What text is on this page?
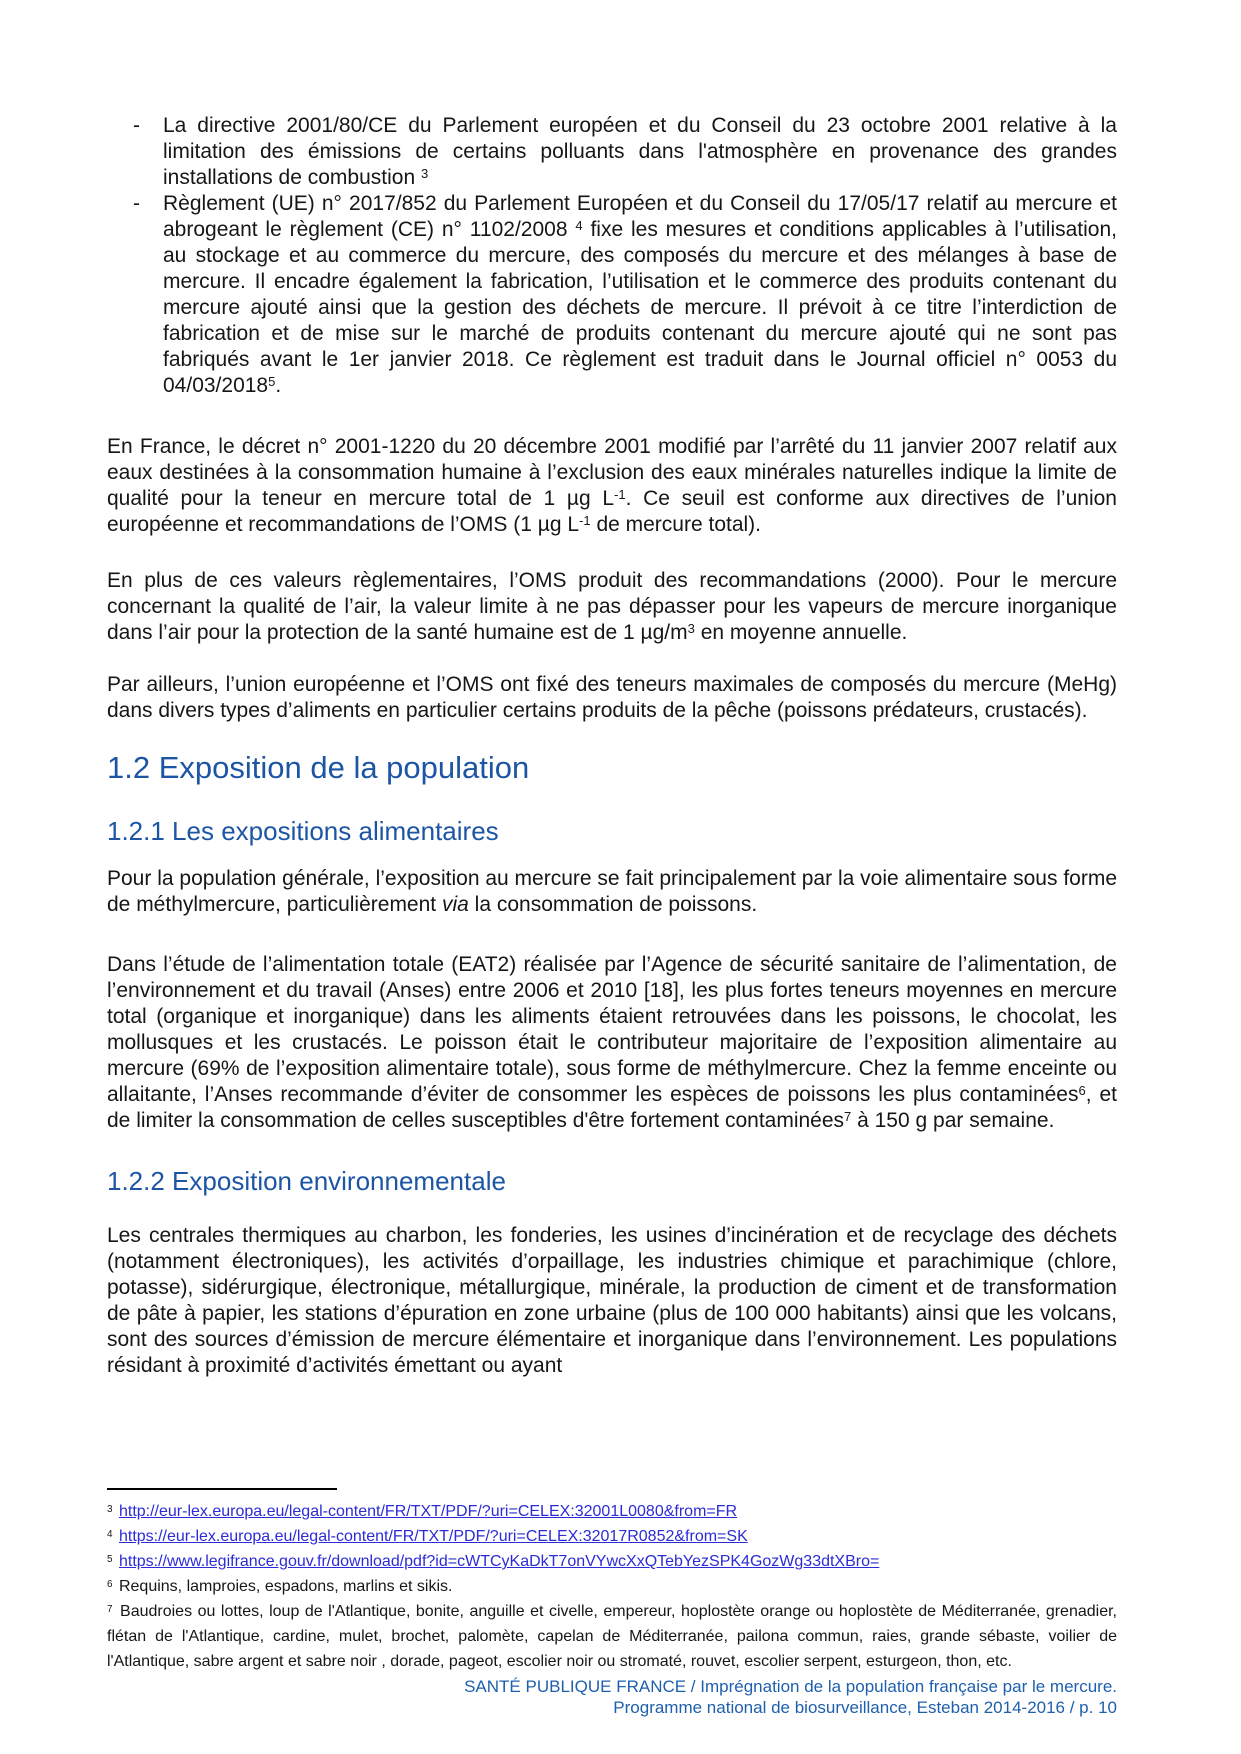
- La directive 2001/80/CE du Parlement européen et du Conseil du 23 octobre 2001 relative à la limitation des émissions de certains polluants dans l'atmosphère en provenance des grandes installations de combustion $^3$
- Règlement (UE) n° 2017/852 du Parlement Européen et du Conseil du 17/05/17 relatif au mercure et abrogeant le règlement (CE) n° 1102/2008 $^4$ fixe les mesures et conditions applicables à l’utilisation, au stockage et au commerce du mercure, des composés du mercure et des mélanges à base de mercure. Il encadre également la fabrication, l’utilisation et le commerce des produits contenant du mercure ajouté ainsi que la gestion des déchets de mercure. Il prévoit à ce titre l’interdiction de fabrication et de mise sur le marché de produits contenant du mercure ajouté qui ne sont pas fabriqués avant le 1er janvier 2018. Ce règlement est traduit dans le Journal officiel n° 0053 du 04/03/2018$^5$.

En France, le décret n° 2001-1220 du 20 décembre 2001 modifié par l’arrêté du 11 janvier 2007 relatif aux eaux destinées à la consommation humaine à l’exclusion des eaux minérales naturelles indique la limite de qualité pour la teneur en mercure total de 1 µg $L^{-1}$. Ce seuil est conforme aux directives de l’union européenne et recommandations de l’OMS (1 µg $L^{-1}$ de mercure total).

En plus de ces valeurs règlementaires, l’OMS produit des recommandations (2000). Pour le mercure concernant la qualité de l’air, la valeur limite à ne pas dépasser pour les vapeurs de mercure inorganique dans l’air pour la protection de la santé humaine est de 1 $\mu g/m^3$ en moyenne annuelle.

Par ailleurs, l’union européenne et l’OMS ont fixé des teneurs maximales de composés du mercure (MeHg) dans divers types d’aliments en particulier certains produits de la pêche (poissons prédateurs, crustacés).

1.2 Exposition de la population
1.2.1 Les expositions alimentaires

Pour la population générale, l’exposition au mercure se fait principalement par la voie alimentaire sous forme de méthylmercure, particulièrement via la consommation de poissons.

Dans l’étude de l’alimentation totale (EAT2) réalisée par l’Agence de sécurité sanitaire de l’alimentation, de l’environnement et du travail (Anses) entre 2006 et 2010 [18], les plus fortes teneurs moyennes en mercure total (organique et inorganique) dans les aliments étaient retrouvées dans les poissons, le chocolat, les mollusques et les crustacés. Le poisson était le contributeur majoritaire de l’exposition alimentaire au mercure (69% de l’exposition alimentaire totale), sous forme de méthylmercure. Chez la femme enceinte ou allaitante, l’Anses recommande d’éviter de consommer les espèces de poissons les plus contaminées$^6$, et de limiter la consommation de celles susceptibles d'être fortement contaminées$^7$ à 150 g par semaine.

1.2.2 Exposition environnementale

Les centrales thermiques au charbon, les fonderies, les usines d’incinération et de recyclage des déchets (notamment électroniques), les activités d’orpaillage, les industries chimique et parachimique (chlore, potasse), sidérurgique, électronique, métallurgique, minérale, la production de ciment et de transformation de pâte à papier, les stations d’épuration en zone urbaine (plus de 100 000 habitants) ainsi que les volcans, sont des sources d’émission de mercure élémentaire et inorganique dans l’environnement. Les populations résidant à proximité d’activités émettant ou ayant

$^3$ http://eur-lex.europa.eu/legal-content/FR/TXT/PDF/?uri=CELEX:32001L0080&from=FR
$^4$ https://eur-lex.europa.eu/legal-content/FR/TXT/PDF/?uri=CELEX:32017R0852&from=SK
$^5$ https://www.legifrance.gouv.fr/download/pdf?id=cWTCyKaDkT7onVYwcXxQTebYezSPK4GozWg33dtXBro=
$^6$ Requins, lamproies, espadons, marlins et sikis.
$^7$ Baudroies ou lottes, loup de l'Atlantique, bonite, anguille et civelle, empereur, hoplostète orange ou hoplostète de Méditerranée, grenadier, flétan de l'Atlantique, cardine, mulet, brochet, palomète, capelan de Méditerranée, pailona commun, raies, grande sébaste, voilier de l'Atlantique, sabre argent et sabre noir , dorade, pageot, escolier noir ou stromaté, rouvet, escolier serpent, esturgeon, thon, etc.
SANTÉ PUBLIQUE FRANCE / Imprégnation de la population française par le mercure.
Programme national de biosurveillance, Esteban 2014-2016 / p. 10
